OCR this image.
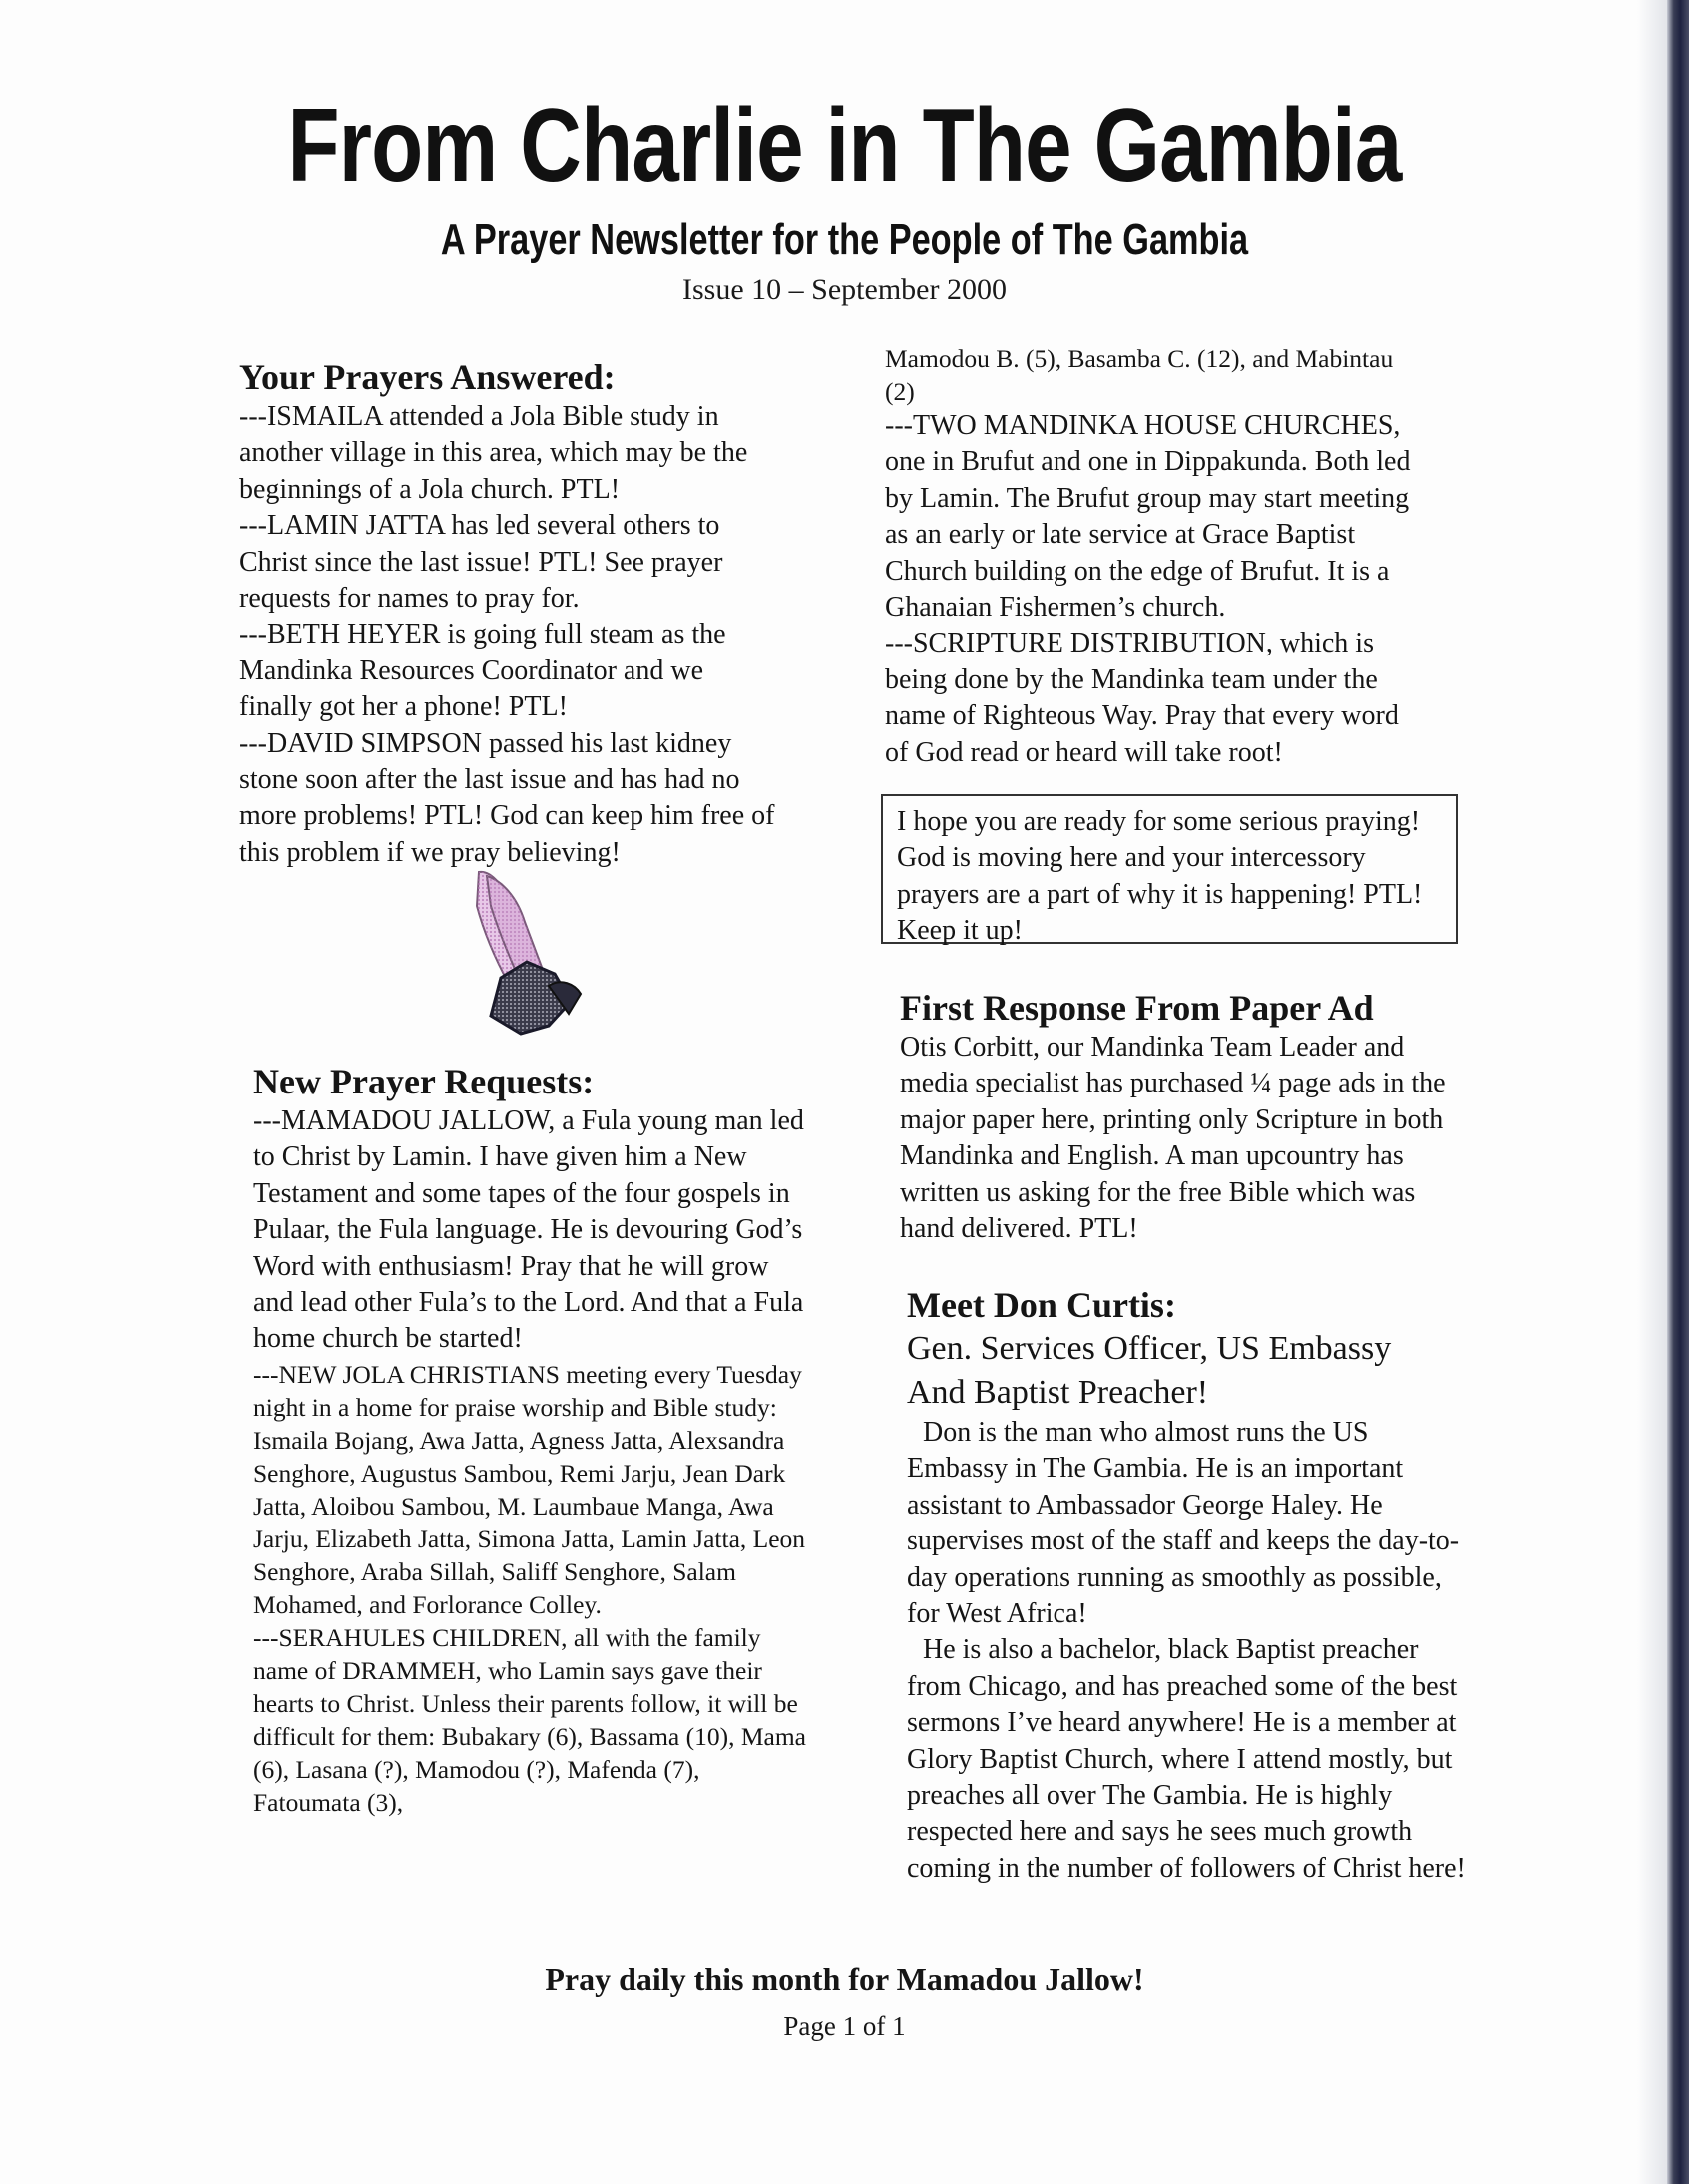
From Charlie in The Gambia
A Prayer Newsletter for the People of The Gambia
Issue 10 – September 2000
Your Prayers Answered:

---ISMAILA attended a Jola Bible study in another village in this area, which may be the beginnings of a Jola church. PTL!

---LAMIN JATTA has led several others to Christ since the last issue! PTL! See prayer requests for names to pray for.

---BETH HEYER is going full steam as the Mandinka Resources Coordinator and we finally got her a phone! PTL!

---DAVID SIMPSON passed his last kidney stone soon after the last issue and has had no more problems! PTL! God can keep him free of this problem if we pray believing!

New Prayer Requests:

---MAMADOU JALLOW, a Fula young man led to Christ by Lamin. I have given him a New Testament and some tapes of the four gospels in Pulaar, the Fula language. He is devouring God’s Word with enthusiasm! Pray that he will grow and lead other Fula’s to the Lord. And that a Fula home church be started!

---NEW JOLA CHRISTIANS meeting every Tuesday night in a home for praise worship and Bible study: Ismaila Bojang, Awa Jatta, Agness Jatta, Alexsandra Senghore, Augustus Sambou, Remi Jarju, Jean Dark Jatta, Aloibou Sambou, M. Laumbaue Manga, Awa Jarju, Elizabeth Jatta, Simona Jatta, Lamin Jatta, Leon Senghore, Araba Sillah, Saliff Senghore, Salam Mohamed, and Forlorance Colley.

---SERAHULES CHILDREN, all with the family name of DRAMMEH, who Lamin says gave their hearts to Christ. Unless their parents follow, it will be difficult for them: Bubakary (6), Bassama (10), Mama (6), Lasana (?), Mamodou (?), Mafenda (7), Fatoumata (3),

Mamodou B. (5), Basamba C. (12), and Mabintau (2)

---TWO MANDINKA HOUSE CHURCHES, one in Brufut and one in Dippakunda. Both led by Lamin. The Brufut group may start meeting as an early or late service at Grace Baptist Church building on the edge of Brufut. It is a Ghanaian Fishermen’s church.

---SCRIPTURE DISTRIBUTION, which is being done by the Mandinka team under the name of Righteous Way. Pray that every word of God read or heard will take root!

I hope you are ready for some serious praying! God is moving here and your intercessory prayers are a part of why it is happening! PTL! Keep it up!

First Response From Paper Ad

Otis Corbitt, our Mandinka Team Leader and media specialist has purchased ¼ page ads in the major paper here, printing only Scripture in both Mandinka and English. A man upcountry has written us asking for the free Bible which was hand delivered. PTL!

Meet Don Curtis:

Gen. Services Officer, US Embassy

And Baptist Preacher!

Don is the man who almost runs the US Embassy in The Gambia. He is an important assistant to Ambassador George Haley. He supervises most of the staff and keeps the day-to-day operations running as smoothly as possible, for West Africa!

He is also a bachelor, black Baptist preacher from Chicago, and has preached some of the best sermons I’ve heard anywhere! He is a member at Glory Baptist Church, where I attend mostly, but preaches all over The Gambia. He is highly respected here and says he sees much growth coming in the number of followers of Christ here!

Pray daily this month for Mamadou Jallow!
Page 1 of 1
